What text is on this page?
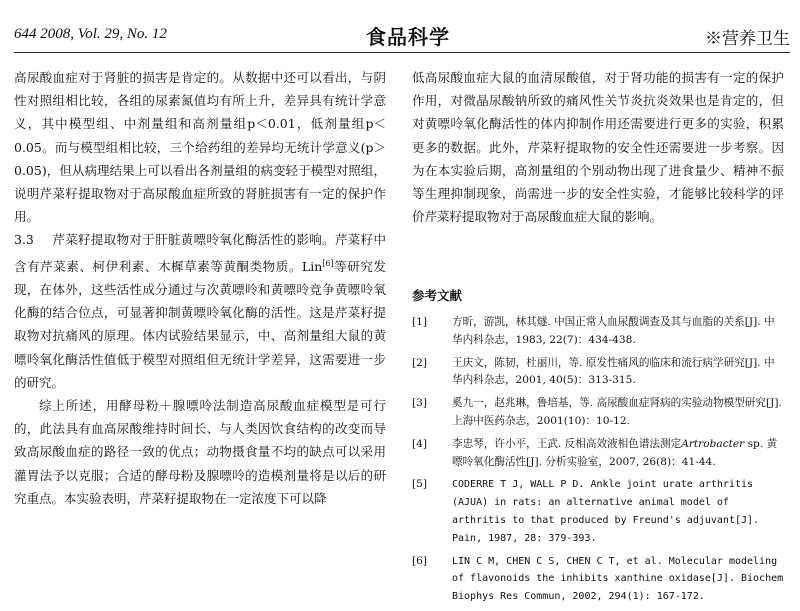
644 2008, Vol. 29, No. 12	食品科学	※营养卫生

高尿酸血症对于肾脏的损害是肯定的。从数据中还可以看出，与阴性对照组相比较，各组的尿素氮值均有所上升，差异具有统计学意义，其中模型组、中剂量组和高剂量组p＜0.01，低剂量组p＜0.05。而与模型组相比较，三个给药组的差异均无统计学意义(p＞0.05)，但从病理结果上可以看出各剂量组的病变轻于模型对照组，说明芹菜籽提取物对于高尿酸血症所致的肾脏损害有一定的保护作用。

3.3 芹菜籽提取物对于肝脏黄嘌呤氧化酶活性的影响。芹菜籽中含有芹菜素、柯伊利素、木樨草素等黄酮类物质。Lin[6]等研究发现，在体外，这些活性成分通过与次黄嘌呤和黄嘌呤竞争黄嘌呤氧化酶的结合位点，可显著抑制黄嘌呤氧化酶的活性。这是芹菜籽提取物对抗痛风的原理。体内试验结果显示，中、高剂量组大鼠的黄嘌呤氧化酶活性值低于模型对照组但无统计学差异，这需要进一步的研究。

综上所述，用酵母粉＋腺嘌呤法制造高尿酸血症模型是可行的，此法具有血高尿酸维持时间长、与人类因饮食结构的改变而导致高尿酸血症的路径一致的优点；动物摄食量不均的缺点可以采用灌胃法予以克服；合适的酵母粉及腺嘌呤的造模剂量将是以后的研究重点。本实验表明，芹菜籽提取物在一定浓度下可以降

低高尿酸血症大鼠的血清尿酸值，对于肾功能的损害有一定的保护作用，对微晶尿酸钠所致的痛风性关节炎抗炎效果也是肯定的，但对黄嘌呤氧化酶活性的体内抑制作用还需要进行更多的实验，积累更多的数据。此外，芹菜籽提取物的安全性还需要进一步考察。因为在本实验后期，高剂量组的个别动物出现了进食量少、精神不振等生理抑制现象，尚需进一步的安全性实验，才能够比较科学的评价芹菜籽提取物对于高尿酸血症大鼠的影响。

参考文献
[1] 方昕，游凯，林其燧. 中国正常人血尿酸调查及其与血脂的关系[J]. 中华内科杂志，1983, 22(7)：434-438.
[2] 王庆文，陈韧，杜丽川，等. 原发性痛风的临床和流行病学研究[J]. 中华内科杂志，2001, 40(5)：313-315.
[3] 奚九一，赵兆琳，鲁培基，等. 高尿酸血症肾病的实验动物模型研究[J]. 上海中医药杂志，2001(10)：10-12.
[4] 李忠琴，许小平，王武. 反相高效液相色谱法测定Artrobacter sp. 黄嘌呤氧化酶活性[J]. 分析实验室，2007, 26(8)：41-44.
[5] CODERRE T J, WALL P D. Ankle joint urate arthritis (AJUA) in rats: an alternative animal model of arthritis to that produced by Freund's adjuvant[J]. Pain, 1987, 28: 379-393.
[6] LIN C M, CHEN C S, CHEN C T, et al. Molecular modeling of flavonoids the inhibits xanthine oxidase[J]. Biochem Biophys Res Commun, 2002, 294(1): 167-172.
